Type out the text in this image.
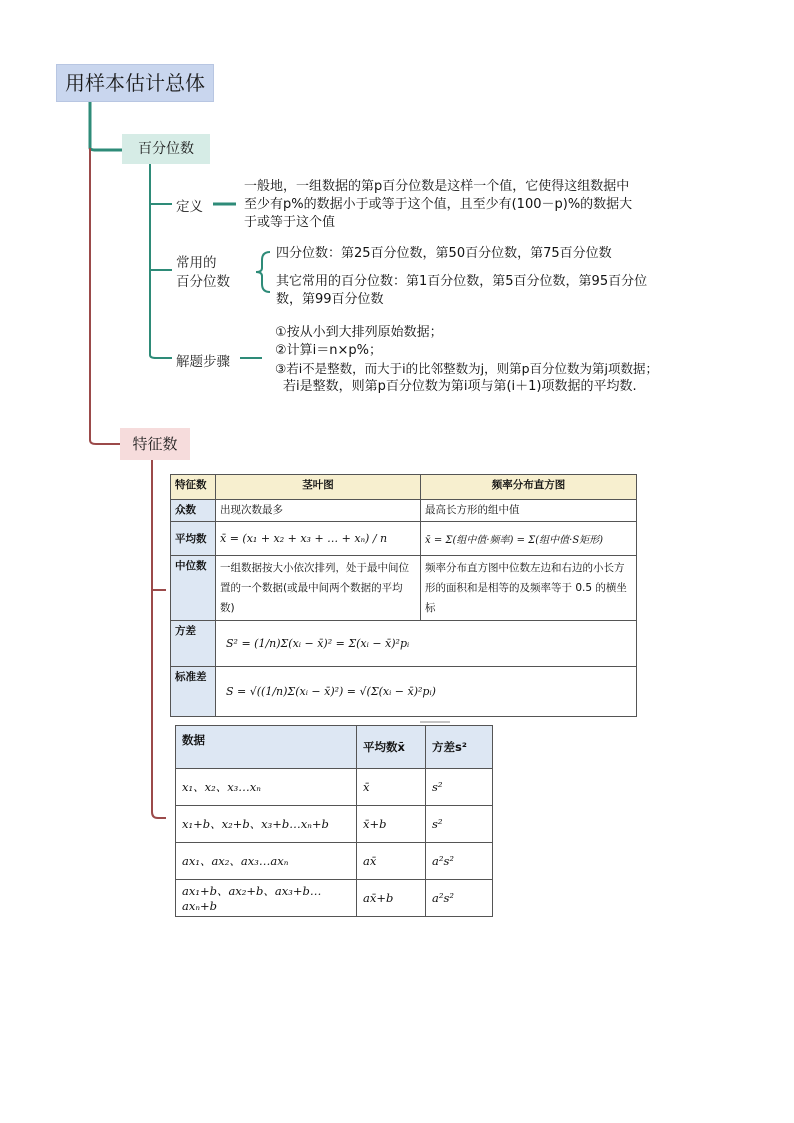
用样本估计总体
百分位数
定义
一般地，一组数据的第p百分位数是这样一个值，它使得这组数据中
至少有p%的数据小于或等于这个值，且至少有(100－p)%的数据大
于或等于这个值
常用的
百分位数
四分位数：第25百分位数，第50百分位数，第75百分位数
其它常用的百分位数：第1百分位数，第5百分位数，第95百分位
数，第99百分位数
解题步骤
①按从小到大排列原始数据；
②计算i＝n×p%；
③若i不是整数，而大于i的比邻整数为j，则第p百分位数为第j项数据；
若i是整数，则第p百分位数为第i项与第(i＋1)项数据的平均数.
特征数
特征数	茎叶图	频率分布直方图
众数	出现次数最多	最高长方形的组中值
平均数	x̄ = (x₁ + x₂ + x₃ + … + xₙ) / n	x̄ = Σ(组中值·频率) = Σ(组中值·S矩形)
中位数	一组数据按大小依次排列，处于最中间位置的一个数据(或最中间两个数据的平均数)	频率分布直方图中位数左边和右边的小长方形的面积和是相等的及频率等于 0.5 的横坐标
方差	S² = (1/n)Σ(xᵢ − x̄)² = Σ(xᵢ − x̄)²pᵢ	
标准差	S = √((1/n)Σ(xᵢ − x̄)²) = √(Σ(xᵢ − x̄)²pᵢ)	
数据	平均数x̄	方差s²
x₁、x₂、x₃…xₙ	x̄	s²
x₁+b、x₂+b、x₃+b…xₙ+b	x̄+b	s²
ax₁、ax₂、ax₃…axₙ	ax̄	a²s²
ax₁+b、ax₂+b、ax₃+b…axₙ+b	ax̄+b	a²s²
